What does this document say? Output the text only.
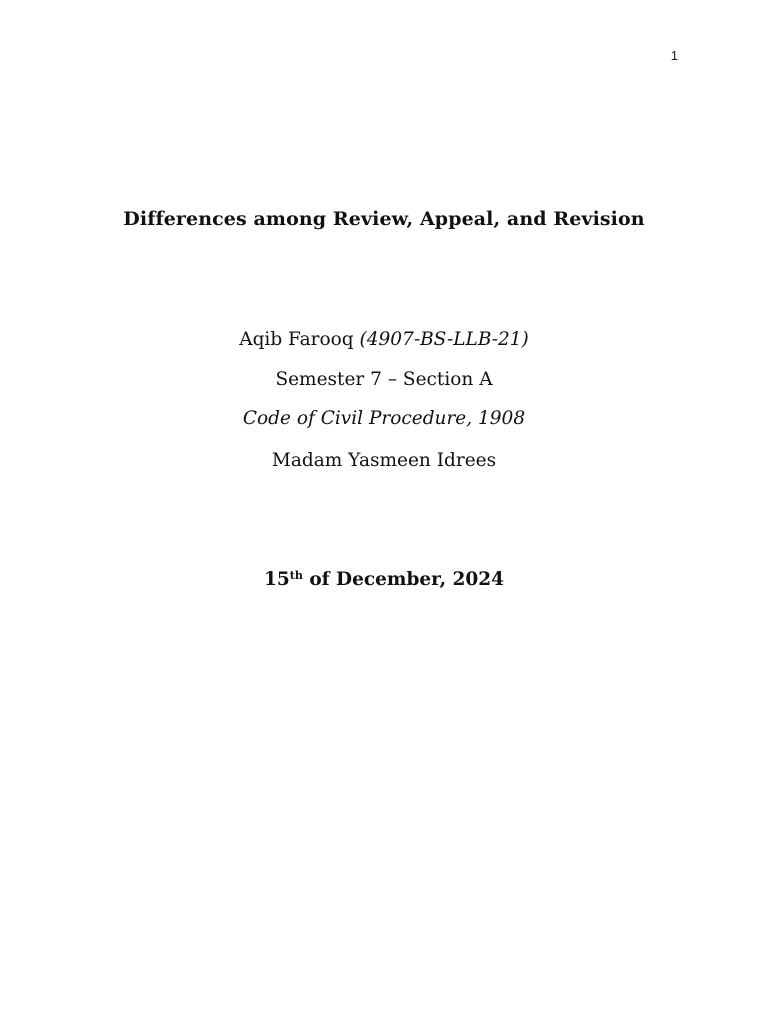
1
Differences among Review, Appeal, and Revision
Aqib Farooq (4907-BS-LLB-21)
Semester 7 – Section A
Code of Civil Procedure, 1908
Madam Yasmeen Idrees
15th of December, 2024
